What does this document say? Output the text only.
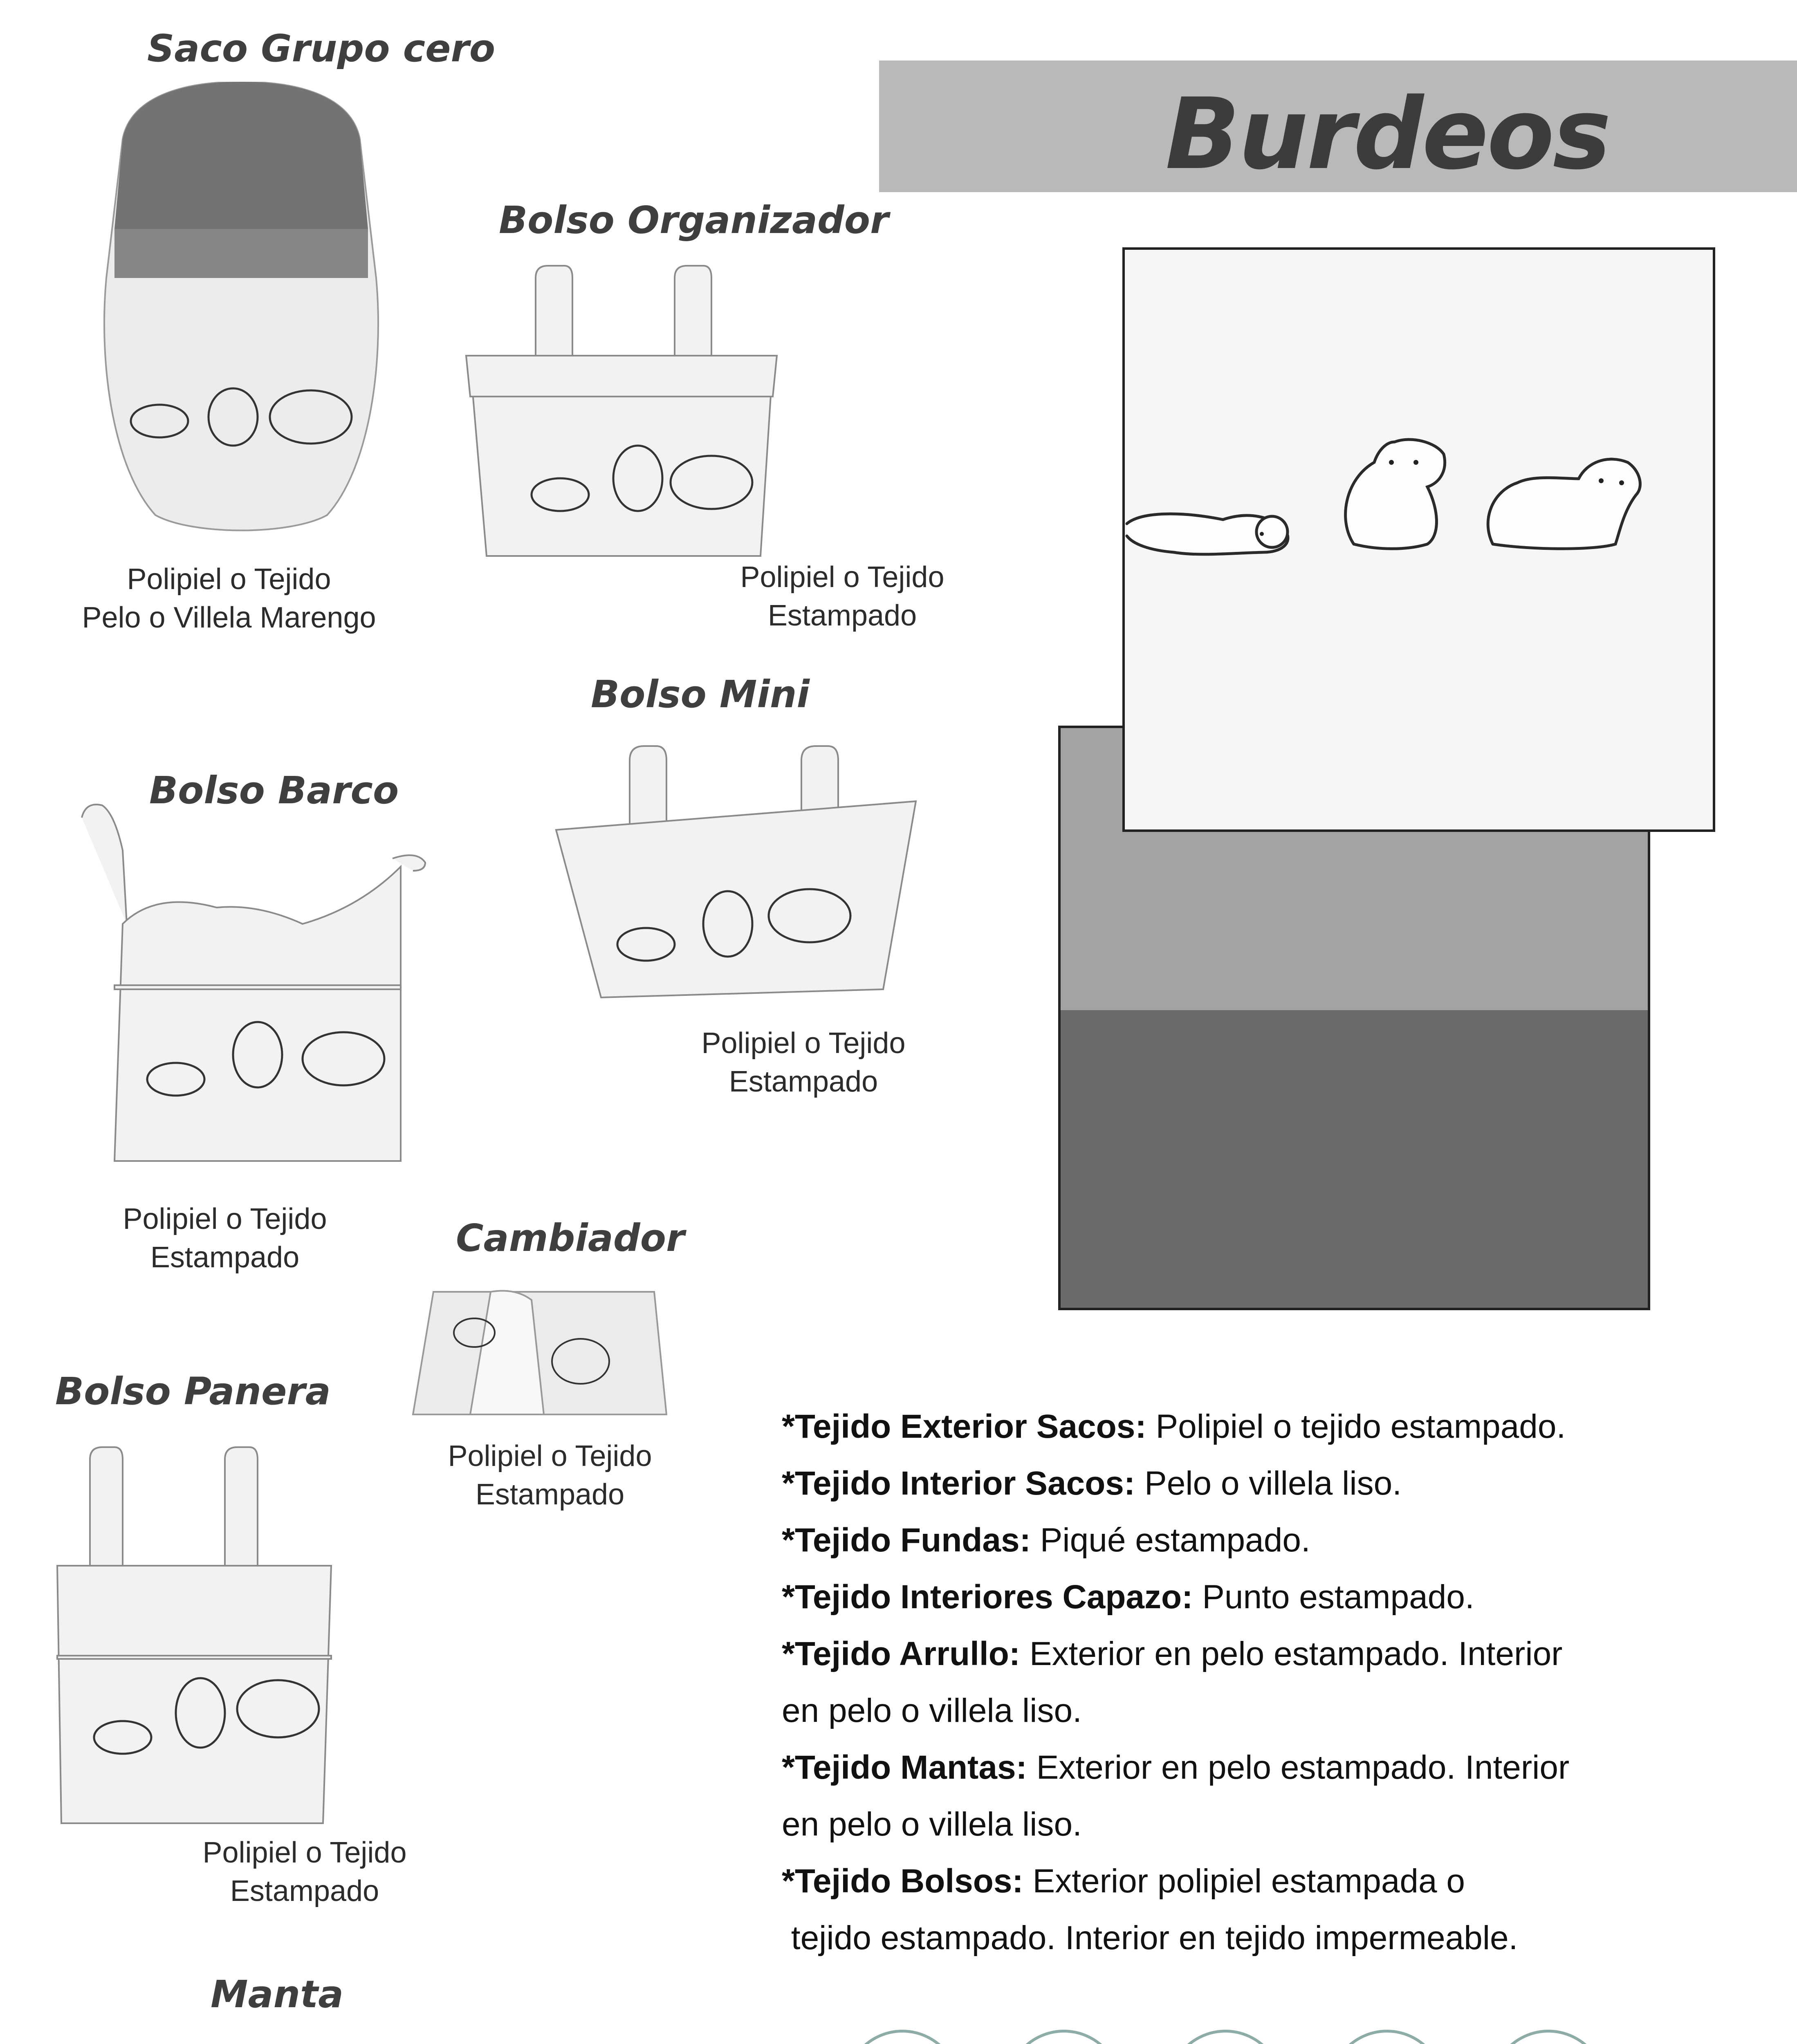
Burdeos
Saco Grupo cero
Polipiel o Tejido
Pelo o Villela Marengo
Bolso Organizador
Polipiel o Tejido
Estampado
Bolso Mini
Polipiel o Tejido
Estampado
Bolso Barco
Polipiel o Tejido
Estampado	Cambiador
Polipiel o Tejido
Estampado
Bolso Panera
Polipiel o Tejido
Estampado
Manta

*Tejido Exterior Sacos: Polipiel o tejido estampado.

*Tejido Interior Sacos: Pelo o villela liso.

*Tejido Fundas: Piqué estampado.

*Tejido Interiores Capazo: Punto estampado.

*Tejido Arrullo: Exterior en pelo estampado. Interior

en pelo o villela liso.

*Tejido Mantas: Exterior en pelo estampado. Interior

en pelo o villela liso.

*Tejido Bolsos: Exterior polipiel estampada o

tejido estampado. Interior en tejido impermeable.
